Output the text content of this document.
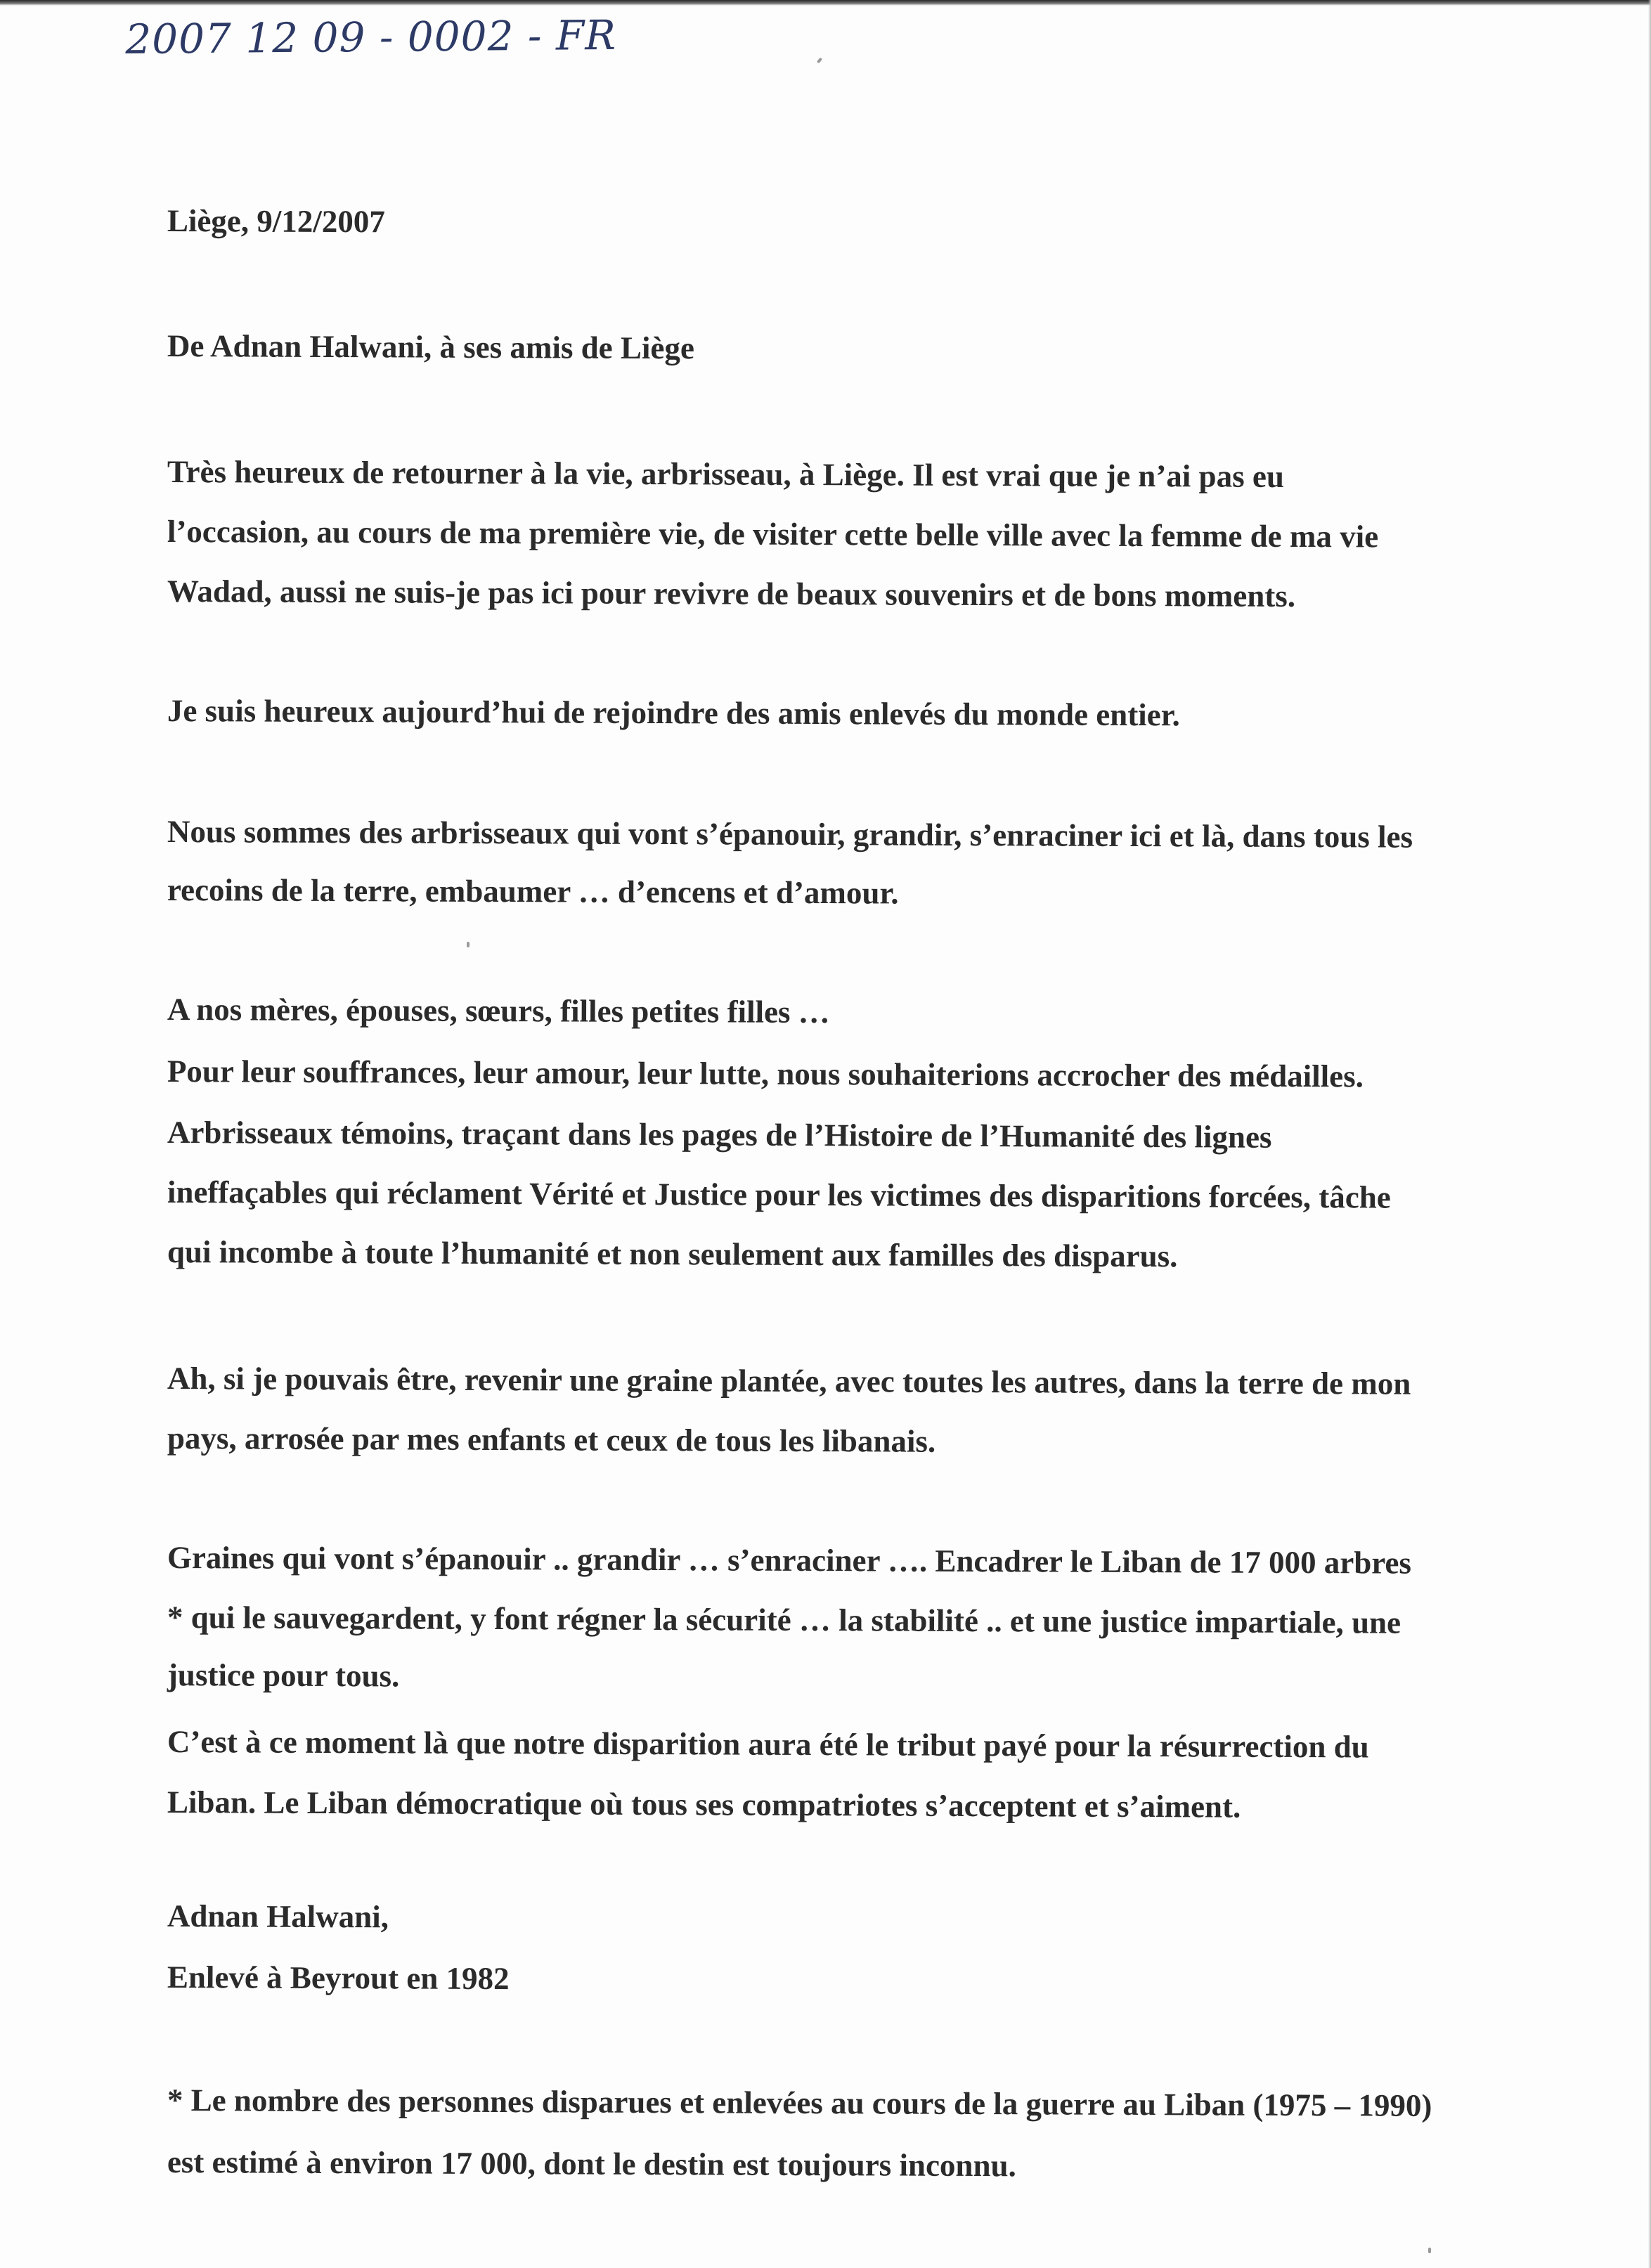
2007 12 09 - 0002 - FR
Liège, 9/12/2007
De Adnan Halwani, à ses amis de Liège
Très heureux de retourner à la vie, arbrisseau, à Liège. Il est vrai que je n’ai pas eu
l’occasion, au cours de ma première vie, de visiter cette belle ville avec la femme de ma vie
Wadad, aussi ne suis-je pas ici pour revivre de beaux souvenirs et de bons moments.
Je suis heureux aujourd’hui de rejoindre des amis enlevés du monde entier.
Nous sommes des arbrisseaux qui vont s’épanouir, grandir, s’enraciner ici et là, dans tous les
recoins de la terre, embaumer … d’encens et d’amour.
A nos mères, épouses, sœurs, filles petites filles …
Pour leur souffrances, leur amour, leur lutte, nous souhaiterions accrocher des médailles.
Arbrisseaux témoins, traçant dans les pages de l’Histoire de l’Humanité des lignes
ineffaçables qui réclament Vérité et Justice pour les victimes des disparitions forcées, tâche
qui incombe à toute l’humanité et non seulement aux familles des disparus.
Ah, si je pouvais être, revenir une graine plantée, avec toutes les autres, dans la terre de mon
pays, arrosée par mes enfants et ceux de tous les libanais.
Graines qui vont s’épanouir .. grandir … s’enraciner …. Encadrer le Liban de 17 000 arbres
* qui le sauvegardent, y font régner la sécurité … la stabilité .. et une justice impartiale, une
justice pour tous.
C’est à ce moment là que notre disparition aura été le tribut payé pour la résurrection du
Liban. Le Liban démocratique où tous ses compatriotes s’acceptent et s’aiment.
Adnan Halwani,
Enlevé à Beyrout en 1982
* Le nombre des personnes disparues et enlevées au cours de la guerre au Liban (1975 – 1990)
est estimé à environ 17 000, dont le destin est toujours inconnu.
